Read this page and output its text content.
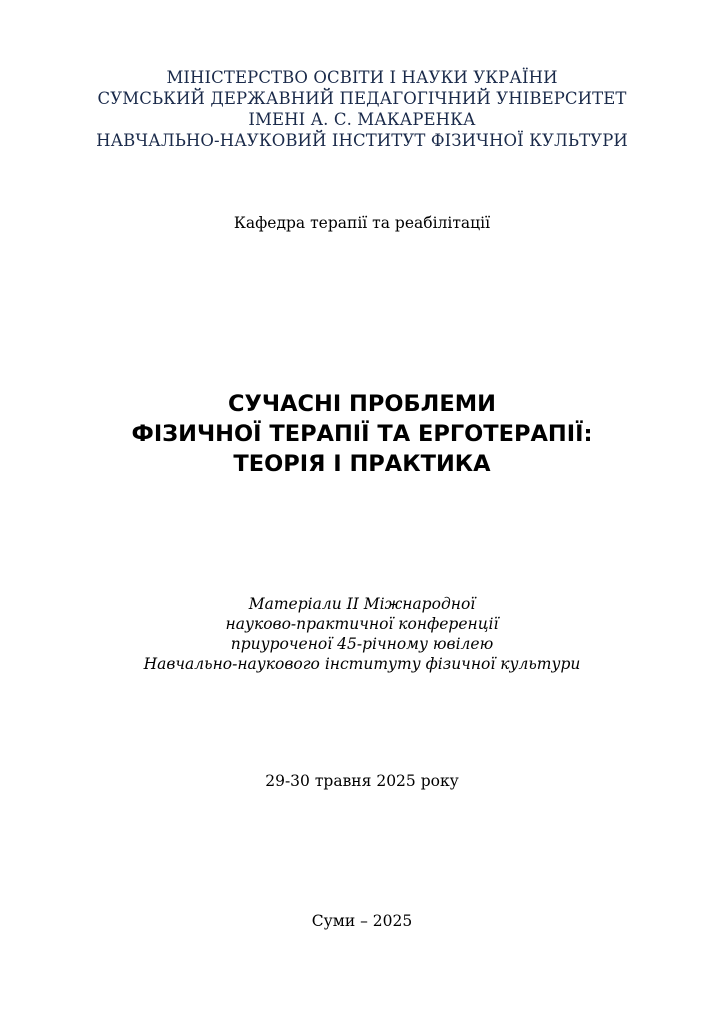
МІНІСТЕРСТВО ОСВІТИ І НАУКИ УКРАЇНИ
СУМСЬКИЙ ДЕРЖАВНИЙ ПЕДАГОГІЧНИЙ УНІВЕРСИТЕТ
ІМЕНІ А. С. МАКАРЕНКА
НАВЧАЛЬНО-НАУКОВИЙ ІНСТИТУТ ФІЗИЧНОЇ КУЛЬТУРИ
Кафедра терапії та реабілітації
СУЧАСНІ ПРОБЛЕМИ
ФІЗИЧНОЇ ТЕРАПІЇ ТА ЕРГОТЕРАПІЇ:
ТЕОРІЯ І ПРАКТИКА
Матеріали ІІ Міжнародної
науково-практичної конференції
приуроченої 45-річному ювілею
Навчально-наукового інституту фізичної культури
29-30 травня 2025 року
Суми – 2025
